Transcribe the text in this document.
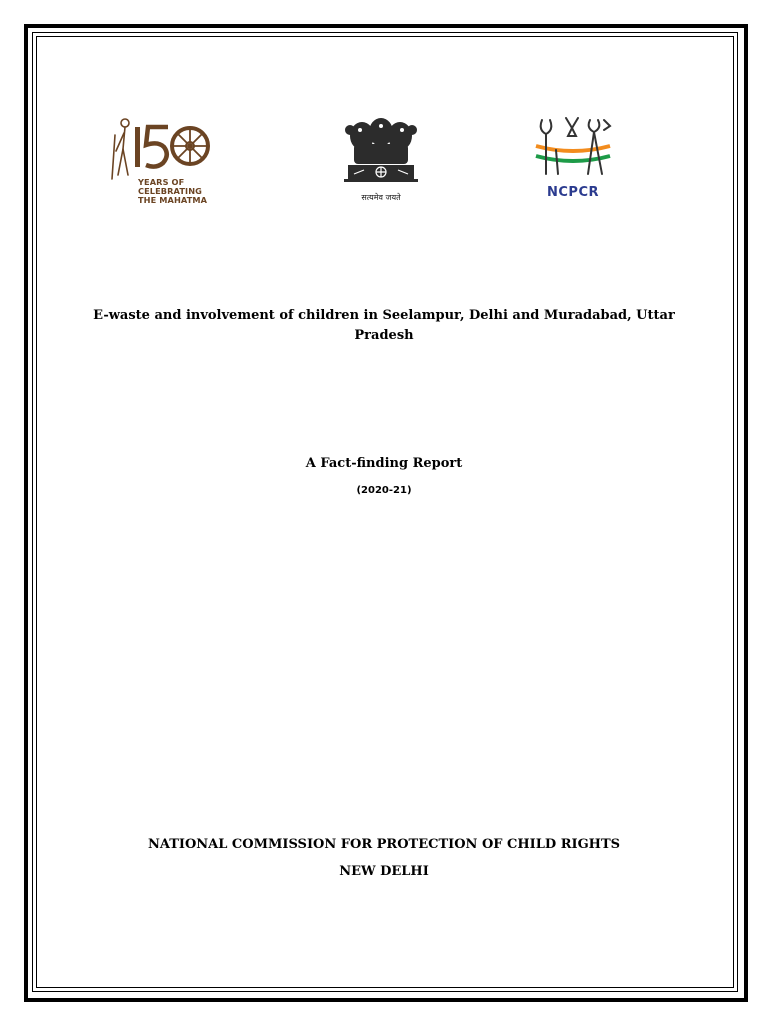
YEARS OF
CELEBRATING
THE MAHATMA	सत्यमेव जयते	NCPCR
E-waste and involvement of children in Seelampur, Delhi and Muradabad, Uttar Pradesh
A Fact-finding Report
(2020-21)
NATIONAL COMMISSION FOR PROTECTION OF CHILD RIGHTS
NEW DELHI
